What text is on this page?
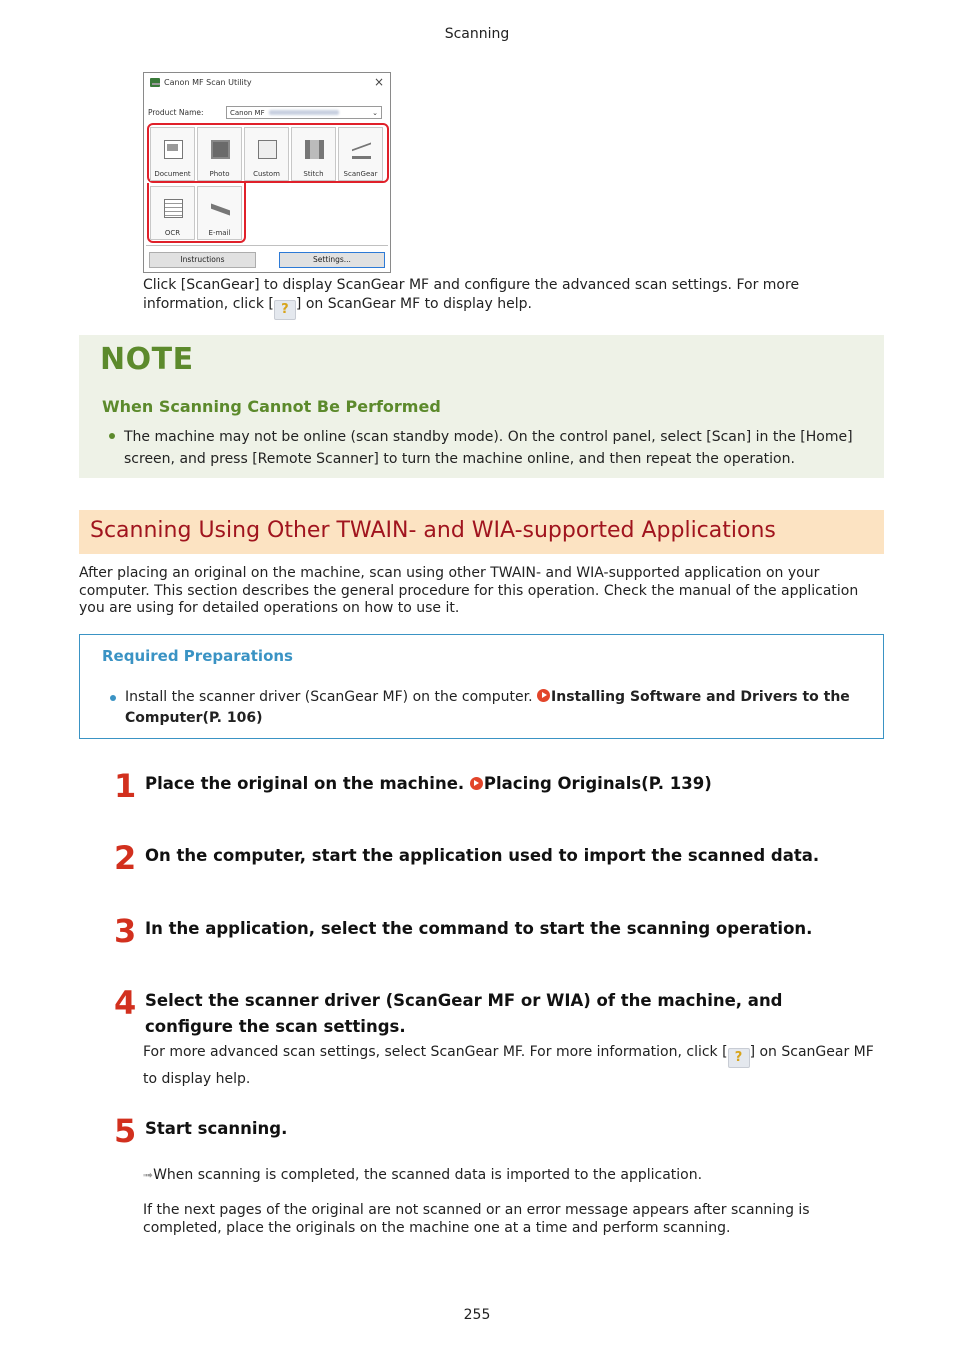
Scanning
Canon MF Scan Utility	×
Product Name:	Canon MF	⌄
Document	Photo	Custom	Stitch	ScanGear
OCR	E-mail
Instructions	Settings...
Click [ScanGear] to display ScanGear MF and configure the advanced scan settings. For more information, click [ ? ] on ScanGear MF to display help.
NOTE
When Scanning Cannot Be Performed
The machine may not be online (scan standby mode). On the control panel, select [Scan] in the [Home] screen, and press [Remote Scanner] to turn the machine online, and then repeat the operation.
Scanning Using Other TWAIN- and WIA-supported Applications
After placing an original on the machine, scan using other TWAIN- and WIA-supported application on your computer. This section describes the general procedure for this operation. Check the manual of the application you are using for detailed operations on how to use it.
Required Preparations
Install the scanner driver (ScanGear MF) on the computer. Installing Software and Drivers to the Computer(P. 106)
1 Place the original on the machine. Placing Originals(P. 139)
2 On the computer, start the application used to import the scanned data.
3 In the application, select the command to start the scanning operation.
4 Select the scanner driver (ScanGear MF or WIA) of the machine, and configure the scan settings.
For more advanced scan settings, select ScanGear MF. For more information, click [ ? ] on ScanGear MF to display help.
5 Start scanning.
➟When scanning is completed, the scanned data is imported to the application.
If the next pages of the original are not scanned or an error message appears after scanning is completed, place the originals on the machine one at a time and perform scanning.
255
